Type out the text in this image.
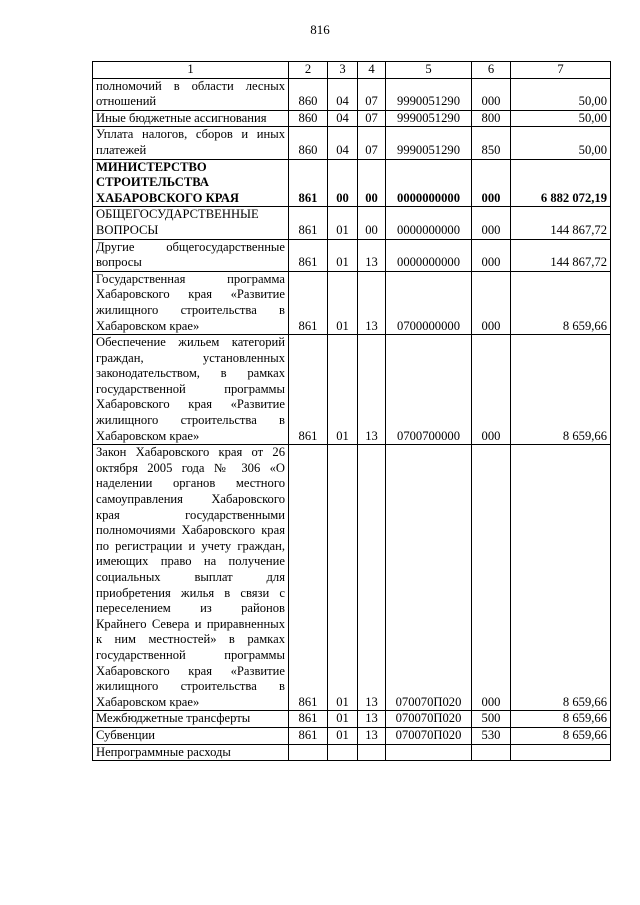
816
1	2	3	4	5	6	7
полномочий в области лесных отношений	860	04	07	9990051290	000	50,00
Иные бюджетные ассигнования	860	04	07	9990051290	800	50,00
Уплата налогов, сборов и иных платежей	860	04	07	9990051290	850	50,00
МИНИСТЕРСТВО СТРОИТЕЛЬСТВА ХАБАРОВСКОГО КРАЯ	861	00	00	0000000000	000	6 882 072,19
ОБЩЕГОСУДАРСТВЕННЫЕ ВОПРОСЫ	861	01	00	0000000000	000	144 867,72
Другие общегосударственные вопросы	861	01	13	0000000000	000	144 867,72
Государственная программа Хабаровского края «Развитие жилищного строительства в Хабаровском крае»	861	01	13	0700000000	000	8 659,66
Обеспечение жильем категорий граждан, установленных законодательством, в рамках государственной программы Хабаровского края «Развитие жилищного строительства в Хабаровском крае»	861	01	13	0700700000	000	8 659,66
Закон Хабаровского края от 26 октября 2005 года № 306 «О наделении органов местного самоуправления Хабаровского края государственными полномочиями Хабаровского края по регистрации и учету граждан, имеющих право на получение социальных выплат для приобретения жилья в связи с переселением из районов Крайнего Севера и приравненных к ним местностей» в рамках государственной программы Хабаровского края «Развитие жилищного строительства в Хабаровском крае»	861	01	13	070070П020	000	8 659,66
Межбюджетные трансферты	861	01	13	070070П020	500	8 659,66
Субвенции	861	01	13	070070П020	530	8 659,66
Непрограммные расходы						
